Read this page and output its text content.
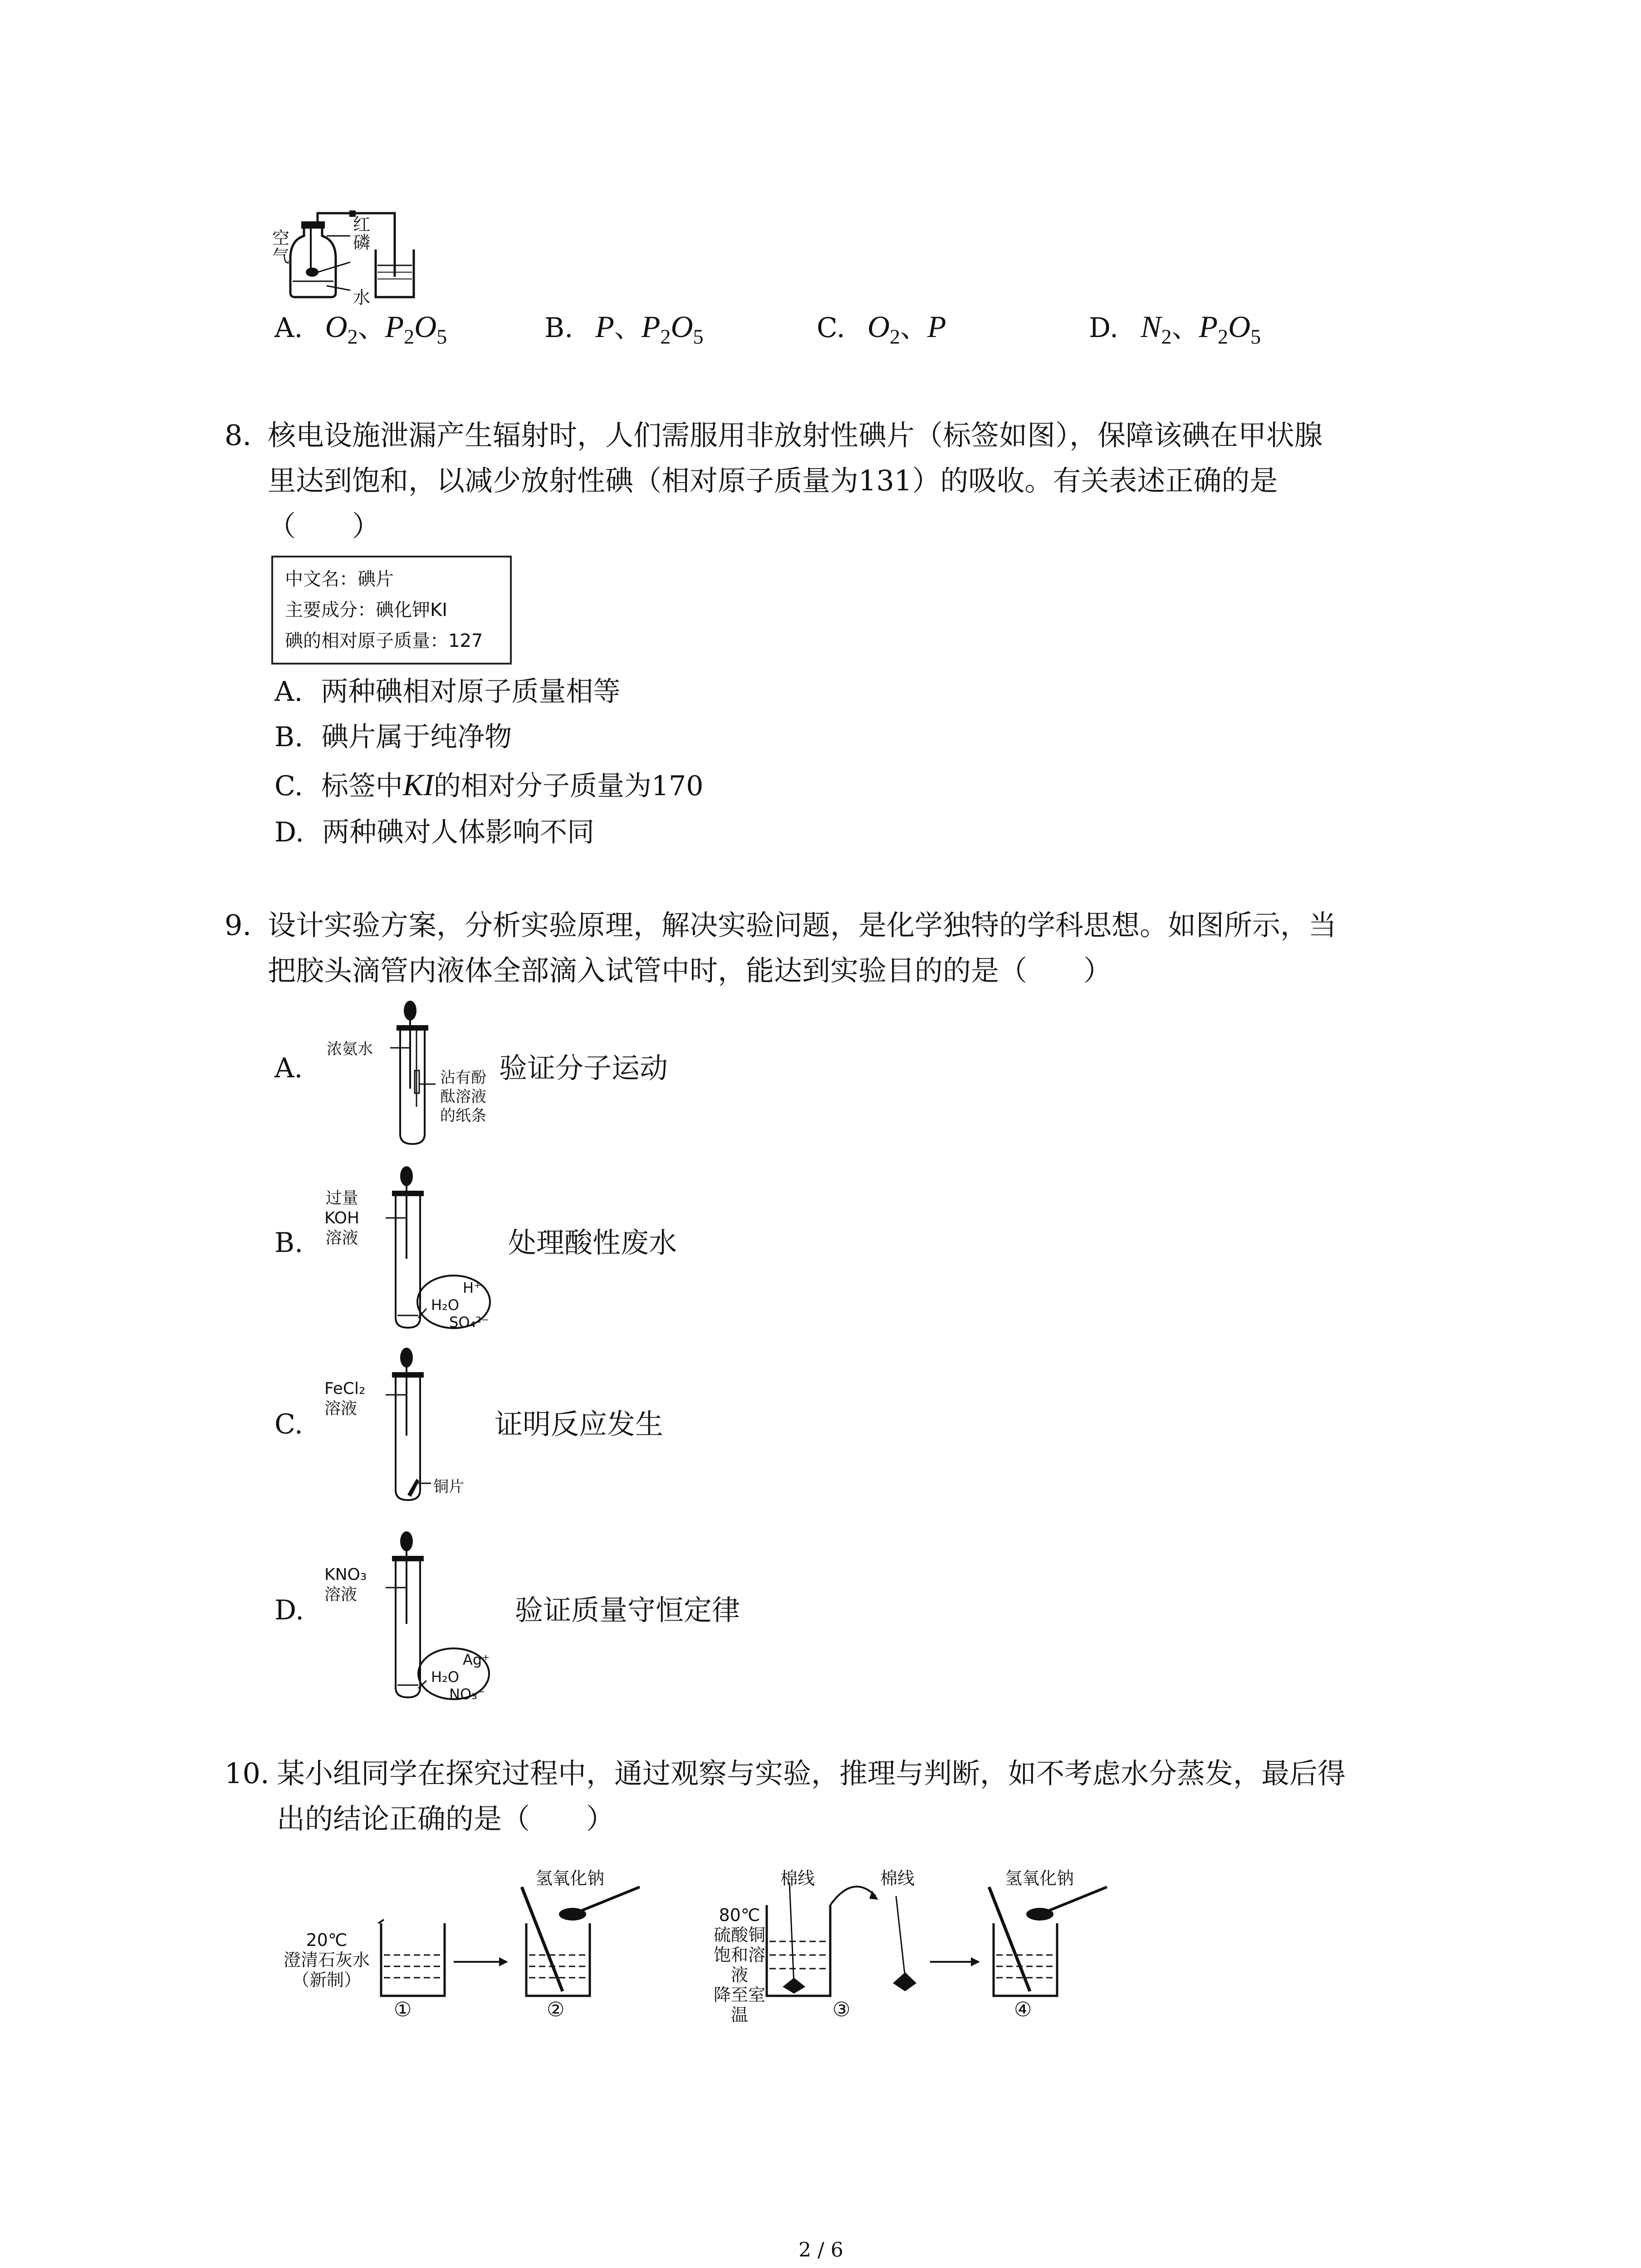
空气
红磷
水
A. $O_2$、$P_2O_5$	B. P、$P_2O_5$	C. $O_2$、P	D. $N_2$、$P_2O_5$
8. 核电设施泄漏产生辐射时，人们需服用非放射性碘片（标签如图），保障该碘在甲状腺
里达到饱和，以减少放射性碘（相对原子质量为131）的吸收。有关表述正确的是
（　　）
中文名：碘片
主要成分：碘化钾KI
碘的相对原子质量：127
A. 两种碘相对原子质量相等
B. 碘片属于纯净物
C. 标签中KI的相对分子质量为170
D. 两种碘对人体影响不同
9. 设计实验方案，分析实验原理，解决实验问题，是化学独特的学科思想。如图所示，当
把胶头滴管内液体全部滴入试管中时，能达到实验目的的是（　　）
A.
浓氨水
沾有酚
酞溶液
的纸条
验证分子运动
B.
过量
KOH
溶液
H⁺
H₂O
SO₄²⁻
处理酸性废水
C.
FeCl₂
溶液
铜片
证明反应发生
D.
KNO₃
溶液
Ag⁺
H₂O
NO₃⁻
验证质量守恒定律
10. 某小组同学在探究过程中，通过观察与实验，推理与判断，如不考虑水分蒸发，最后得
出的结论正确的是（　　）
20℃
澄清石灰水
（新制）
氢氧化钠	氢氧化钠
80℃
硫酸铜
饱和溶液
降至室温
棉线	棉线
①	②	③	④
2 / 6
